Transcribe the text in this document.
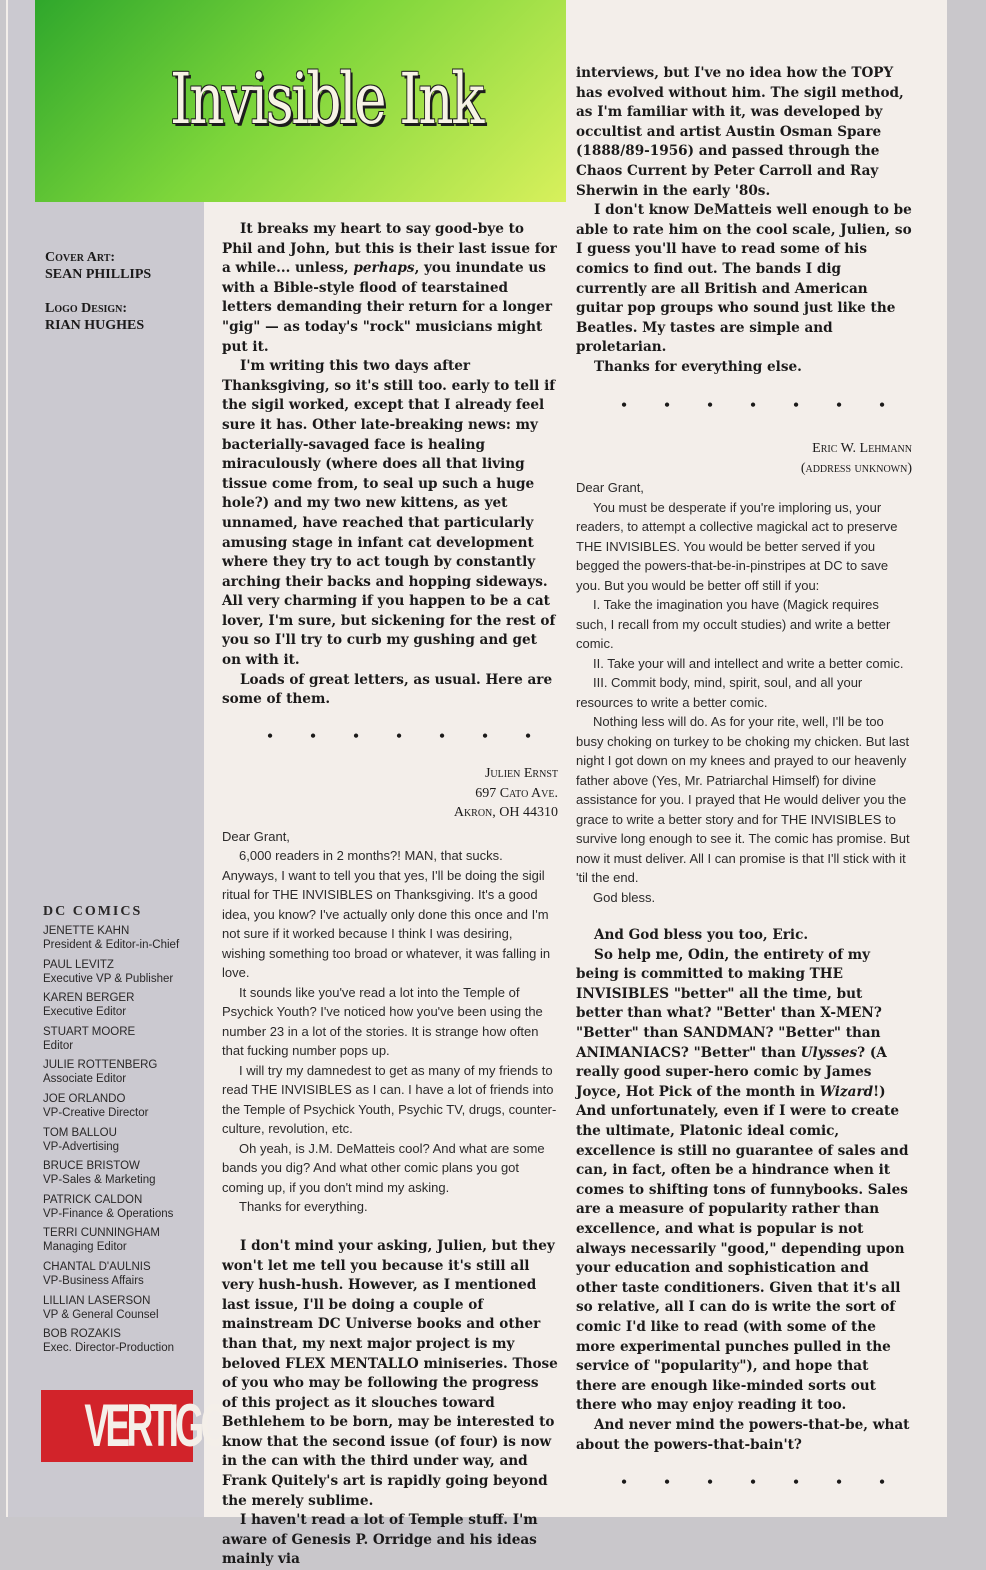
Invisible Ink
Cover Art:
SEAN PHILLIPS
Logo Design:
RIAN HUGHES
DC COMICS
JENETTE KAHN
President & Editor-in-Chief
PAUL LEVITZ
Executive VP & Publisher
KAREN BERGER
Executive Editor
STUART MOORE
Editor
JULIE ROTTENBERG
Associate Editor
JOE ORLANDO
VP-Creative Director
TOM BALLOU
VP-Advertising
BRUCE BRISTOW
VP-Sales & Marketing
PATRICK CALDON
VP-Finance & Operations
TERRI CUNNINGHAM
Managing Editor
CHANTAL D'AULNIS
VP-Business Affairs
LILLIAN LASERSON
VP & General Counsel
BOB ROZAKIS
Exec. Director-Production
VERTIGO

It breaks my heart to say good-bye to Phil and John, but this is their last issue for a while... unless, perhaps, you inundate us with a Bible-style flood of tearstained letters demanding their return for a longer "gig" — as today's "rock" musicians might put it.

I'm writing this two days after Thanksgiving, so it's still too. early to tell if the sigil worked, except that I already feel sure it has. Other late-breaking news: my bacterially-savaged face is healing miraculously (where does all that living tissue come from, to seal up such a huge hole?) and my two new kittens, as yet unnamed, have reached that particularly amusing stage in infant cat development where they try to act tough by constantly arching their backs and hopping sideways. All very charming if you happen to be a cat lover, I'm sure, but sickening for the rest of you so I'll try to curb my gushing and get on with it.

Loads of great letters, as usual. Here are some of them.

• • • • • • •
Julien Ernst
697 Cato Ave.
Akron, OH 44310

Dear Grant,

6,000 readers in 2 months?! MAN, that sucks. Anyways, I want to tell you that yes, I'll be doing the sigil ritual for THE INVISIBLES on Thanksgiving. It's a good idea, you know? I've actually only done this once and I'm not sure if it worked because I think I was desiring, wishing something too broad or whatever, it was falling in love.

It sounds like you've read a lot into the Temple of Psychick Youth? I've noticed how you've been using the number 23 in a lot of the stories. It is strange how often that fucking number pops up.

I will try my damnedest to get as many of my friends to read THE INVISIBLES as I can. I have a lot of friends into the Temple of Psychick Youth, Psychic TV, drugs, counter-culture, revolution, etc.

Oh yeah, is J.M. DeMatteis cool? And what are some bands you dig? And what other comic plans you got coming up, if you don't mind my asking.

Thanks for everything.

I don't mind your asking, Julien, but they won't let me tell you because it's still all very hush-hush. However, as I mentioned last issue, I'll be doing a couple of mainstream DC Universe books and other than that, my next major project is my beloved FLEX MENTALLO miniseries. Those of you who may be following the progress of this project as it slouches toward Bethlehem to be born, may be interested to know that the second issue (of four) is now in the can with the third under way, and Frank Quitely's art is rapidly going beyond the merely sublime.

I haven't read a lot of Temple stuff. I'm aware of Genesis P. Orridge and his ideas mainly via

interviews, but I've no idea how the TOPY has evolved without him. The sigil method, as I'm familiar with it, was developed by occultist and artist Austin Osman Spare (1888/89-1956) and passed through the Chaos Current by Peter Carroll and Ray Sherwin in the early '80s.

I don't know DeMatteis well enough to be able to rate him on the cool scale, Julien, so I guess you'll have to read some of his comics to find out. The bands I dig currently are all British and American guitar pop groups who sound just like the Beatles. My tastes are simple and proletarian.

Thanks for everything else.

• • • • • • •
Eric W. Lehmann
(address unknown)

Dear Grant,

You must be desperate if you're imploring us, your readers, to attempt a collective magickal act to preserve THE INVISIBLES. You would be better served if you begged the powers-that-be-in-pinstripes at DC to save you. But you would be better off still if you:

I. Take the imagination you have (Magick requires such, I recall from my occult studies) and write a better comic.

II. Take your will and intellect and write a better comic.

III. Commit body, mind, spirit, soul, and all your resources to write a better comic.

Nothing less will do. As for your rite, well, I'll be too busy choking on turkey to be choking my chicken. But last night I got down on my knees and prayed to our heavenly father above (Yes, Mr. Patriarchal Himself) for divine assistance for you. I prayed that He would deliver you the grace to write a better story and for THE INVISIBLES to survive long enough to see it. The comic has promise. But now it must deliver. All I can promise is that I'll stick with it 'til the end.

God bless.

And God bless you too, Eric.

So help me, Odin, the entirety of my being is committed to making THE INVISIBLES "better" all the time, but better than what? "Better' than X-MEN? "Better" than SANDMAN? "Better" than ANIMANIACS? "Better" than Ulysses? (A really good super-hero comic by James Joyce, Hot Pick of the month in Wizard!) And unfortunately, even if I were to create the ultimate, Platonic ideal comic, excellence is still no guarantee of sales and can, in fact, often be a hindrance when it comes to shifting tons of funnybooks. Sales are a measure of popularity rather than excellence, and what is popular is not always necessarily "good," depending upon your education and sophistication and other taste conditioners. Given that it's all so relative, all I can do is write the sort of comic I'd like to read (with some of the more experimental punches pulled in the service of "popularity"), and hope that there are enough like-minded sorts out there who may enjoy reading it too.

And never mind the powers-that-be, what about the powers-that-bain't?

• • • • • • •
